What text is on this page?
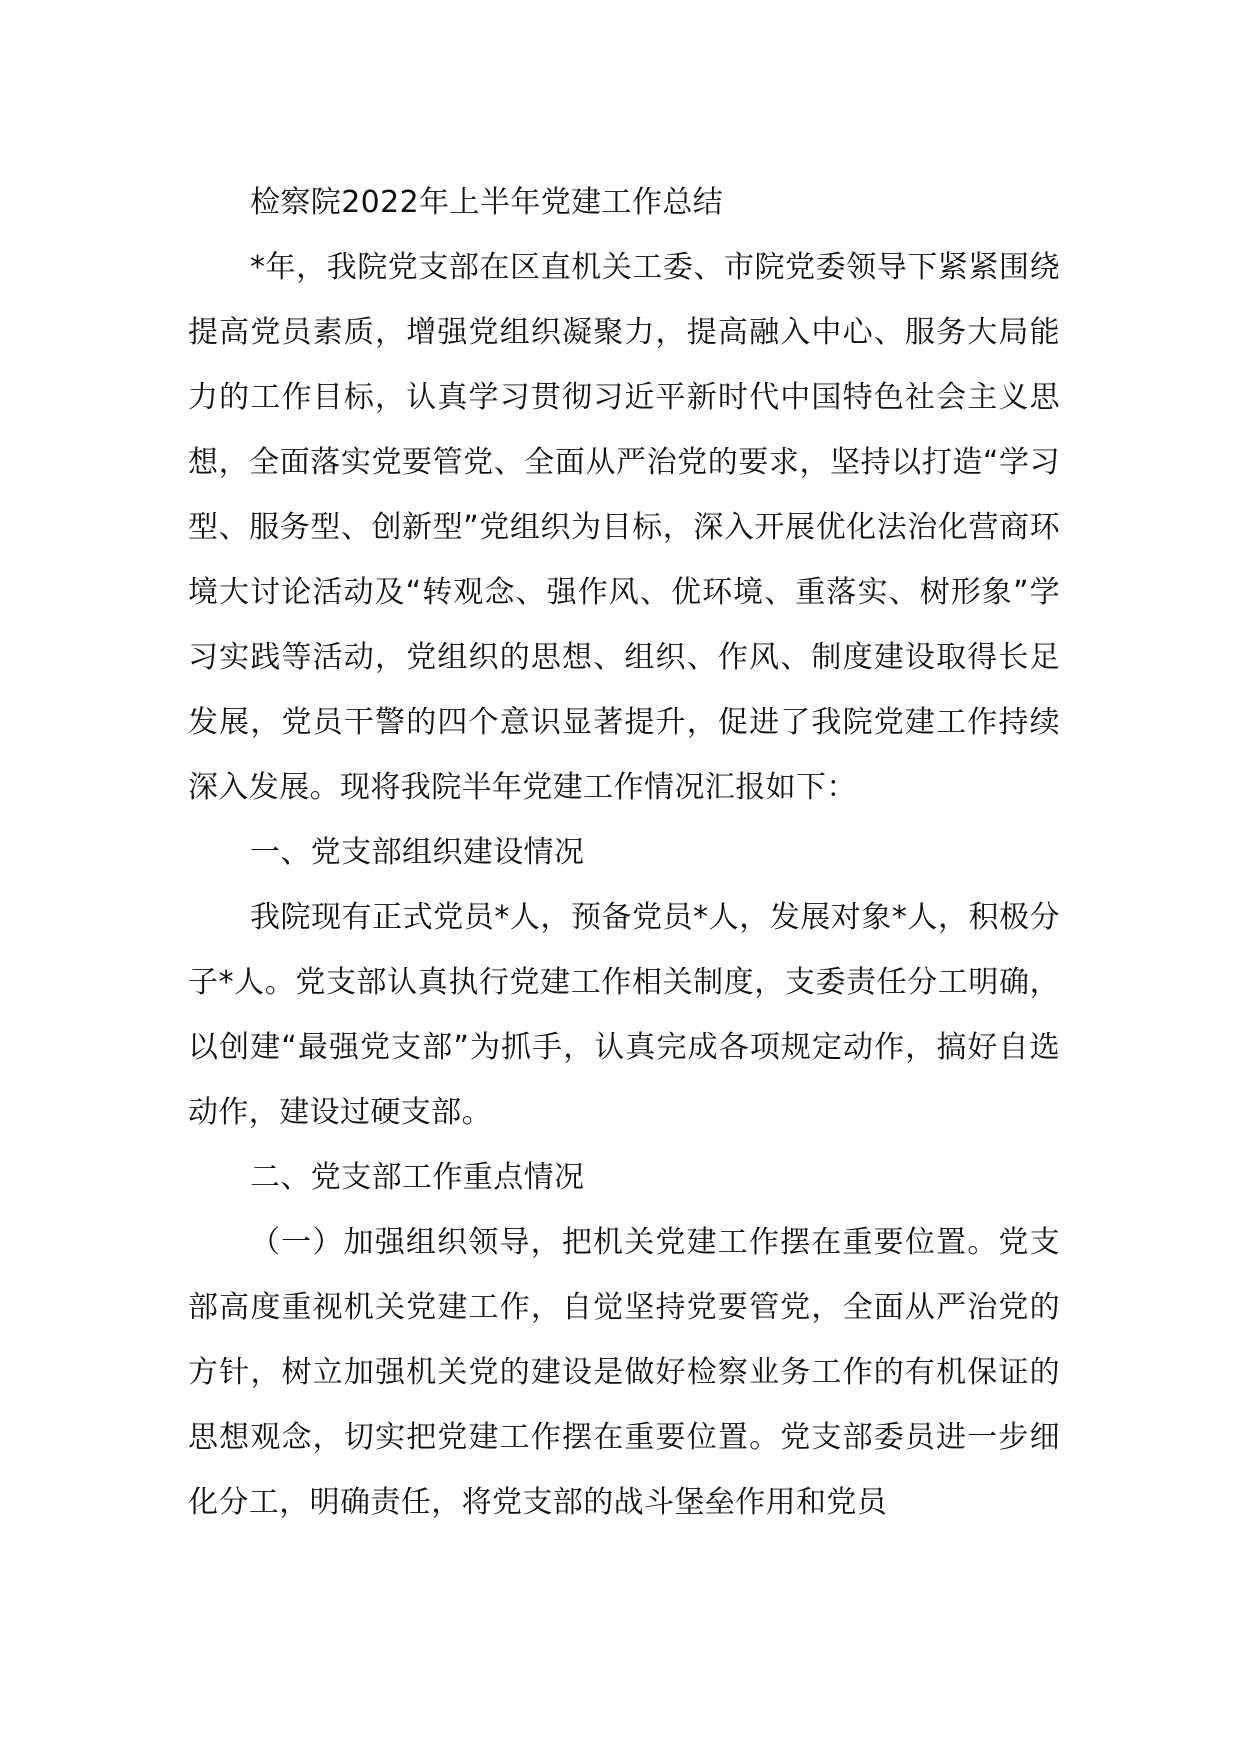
检察院2022年上半年党建工作总结

*年，我院党支部在区直机关工委、市院党委领导下紧紧围绕提高党员素质，增强党组织凝聚力，提高融入中心、服务大局能力的工作目标，认真学习贯彻习近平新时代中国特色社会主义思想，全面落实党要管党、全面从严治党的要求，坚持以打造“学习型、服务型、创新型”党组织为目标，深入开展优化法治化营商环境大讨论活动及“转观念、强作风、优环境、重落实、树形象”学习实践等活动，党组织的思想、组织、作风、制度建设取得长足发展，党员干警的四个意识显著提升，促进了我院党建工作持续深入发展。现将我院半年党建工作情况汇报如下：

一、党支部组织建设情况

我院现有正式党员*人，预备党员*人，发展对象*人，积极分子*人。党支部认真执行党建工作相关制度，支委责任分工明确，以创建“最强党支部”为抓手，认真完成各项规定动作，搞好自选动作，建设过硬支部。

二、党支部工作重点情况

（一）加强组织领导，把机关党建工作摆在重要位置。党支部高度重视机关党建工作，自觉坚持党要管党，全面从严治党的方针，树立加强机关党的建设是做好检察业务工作的有机保证的思想观念，切实把党建工作摆在重要位置。党支部委员进一步细化分工，明确责任，将党支部的战斗堡垒作用和党员
